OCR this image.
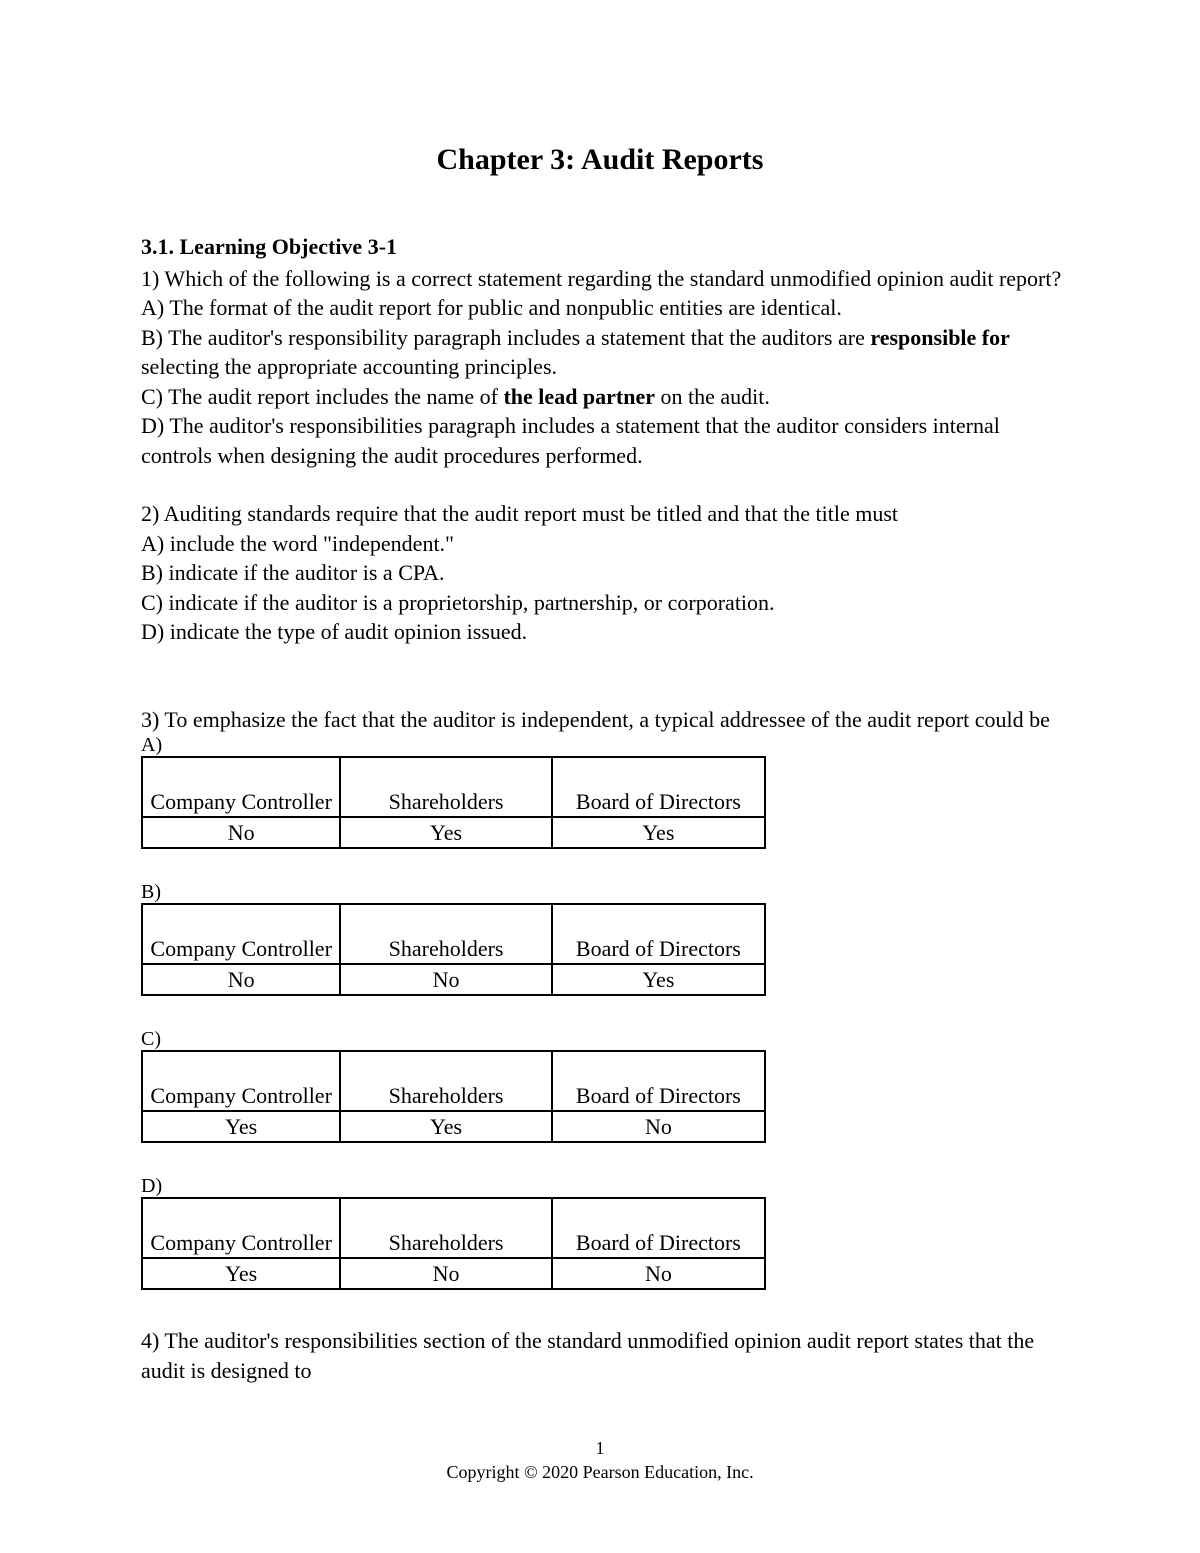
Chapter 3: Audit Reports

3.1. Learning Objective 3-1

1) Which of the following is a correct statement regarding the standard unmodified opinion audit report?

A) The format of the audit report for public and nonpublic entities are identical.

B) The auditor's responsibility paragraph includes a statement that the auditors are responsible for selecting the appropriate accounting principles.

C) The audit report includes the name of the lead partner on the audit.

D) The auditor's responsibilities paragraph includes a statement that the auditor considers internal controls when designing the audit procedures performed.

2) Auditing standards require that the audit report must be titled and that the title must

A) include the word "independent."

B) indicate if the auditor is a CPA.

C) indicate if the auditor is a proprietorship, partnership, or corporation.

D) indicate the type of audit opinion issued.

3) To emphasize the fact that the auditor is independent, a typical addressee of the audit report could be

A)

Company Controller	Shareholders	Board of Directors
No	Yes	Yes

B)

Company Controller	Shareholders	Board of Directors
No	No	Yes

C)

Company Controller	Shareholders	Board of Directors
Yes	Yes	No

D)

Company Controller	Shareholders	Board of Directors
Yes	No	No

4) The auditor's responsibilities section of the standard unmodified opinion audit report states that the audit is designed to

1
Copyright © 2020 Pearson Education, Inc.
